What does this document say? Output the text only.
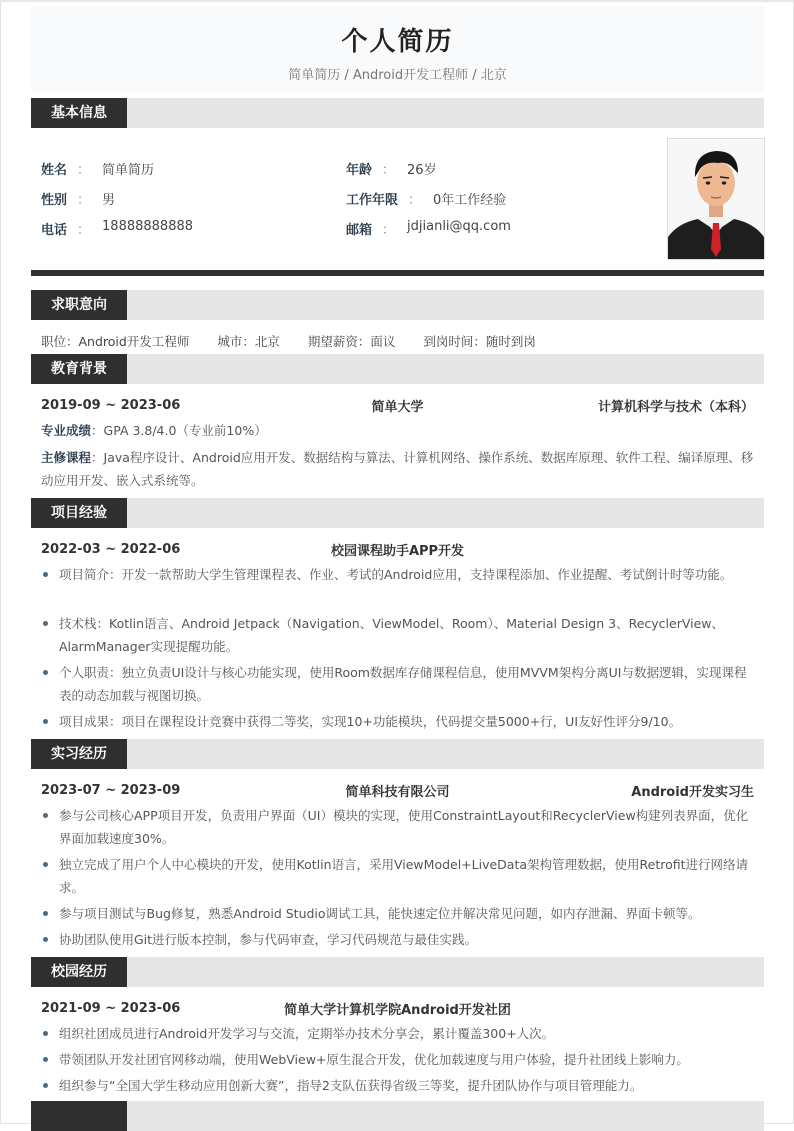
个人简历
简单简历 / Android开发工程师 / 北京
基本信息
姓名 ： 简单简历
性别 ： 男
电话 ： 18888888888
年龄 ： 26岁
工作年限 ： 0年工作经验
邮箱 ： jdjianli@qq.com
求职意向
职位：Android开发工程师 城市：北京 期望薪资：面议 到岗时间：随时到岗
教育背景
2019-09 ~ 2023-06	简单大学	计算机科学与技术（本科）
专业成绩：GPA 3.8/4.0（专业前10%）
主修课程：Java程序设计、Android应用开发、数据结构与算法、计算机网络、操作系统、数据库原理、软件工程、编译原理、移动应用开发、嵌入式系统等。
项目经验
2022-03 ~ 2022-06	校园课程助手APP开发
项目简介：开发一款帮助大学生管理课程表、作业、考试的Android应用，支持课程添加、作业提醒、考试倒计时等功能。
技术栈：Kotlin语言、Android Jetpack（Navigation、ViewModel、Room）、Material Design 3、RecyclerView、AlarmManager实现提醒功能。
个人职责：独立负责UI设计与核心功能实现，使用Room数据库存储课程信息，使用MVVM架构分离UI与数据逻辑，实现课程表的动态加载与视图切换。
项目成果：项目在课程设计竞赛中获得二等奖，实现10+功能模块，代码提交量5000+行，UI友好性评分9/10。
实习经历
2023-07 ~ 2023-09	简单科技有限公司	Android开发实习生
参与公司核心APP项目开发，负责用户界面（UI）模块的实现，使用ConstraintLayout和RecyclerView构建列表界面，优化界面加载速度30%。
独立完成了用户个人中心模块的开发，使用Kotlin语言，采用ViewModel+LiveData架构管理数据，使用Retrofit进行网络请求。
参与项目测试与Bug修复，熟悉Android Studio调试工具，能快速定位并解决常见问题，如内存泄漏、界面卡顿等。
协助团队使用Git进行版本控制，参与代码审查，学习代码规范与最佳实践。
校园经历
2021-09 ~ 2023-06	简单大学计算机学院Android开发社团
组织社团成员进行Android开发学习与交流，定期举办技术分享会，累计覆盖300+人次。
带领团队开发社团官网移动端，使用WebView+原生混合开发，优化加载速度与用户体验，提升社团线上影响力。
组织参与“全国大学生移动应用创新大赛”，指导2支队伍获得省级三等奖，提升团队协作与项目管理能力。
